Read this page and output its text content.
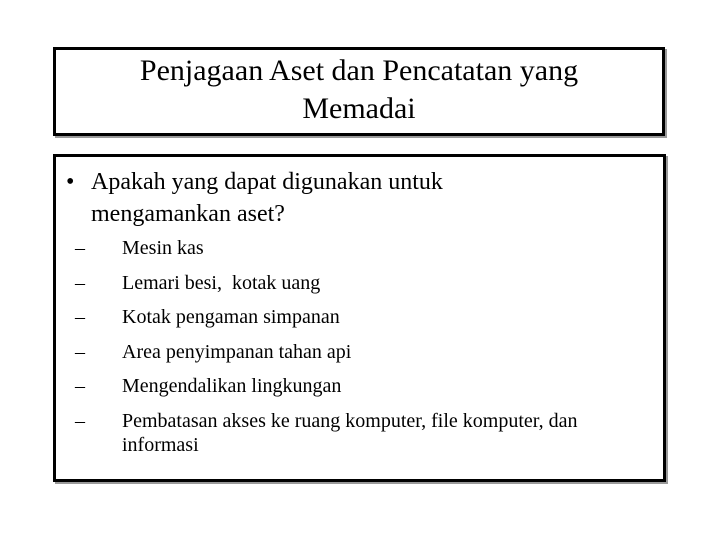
Penjagaan Aset dan Pencatatan yang Memadai
• Apakah yang dapat digunakan untuk mengamankan aset?
– Mesin kas
– Lemari besi,  kotak uang
– Kotak pengaman simpanan
– Area penyimpanan tahan api
– Mengendalikan lingkungan
– Pembatasan akses ke ruang komputer, file komputer, dan informasi
